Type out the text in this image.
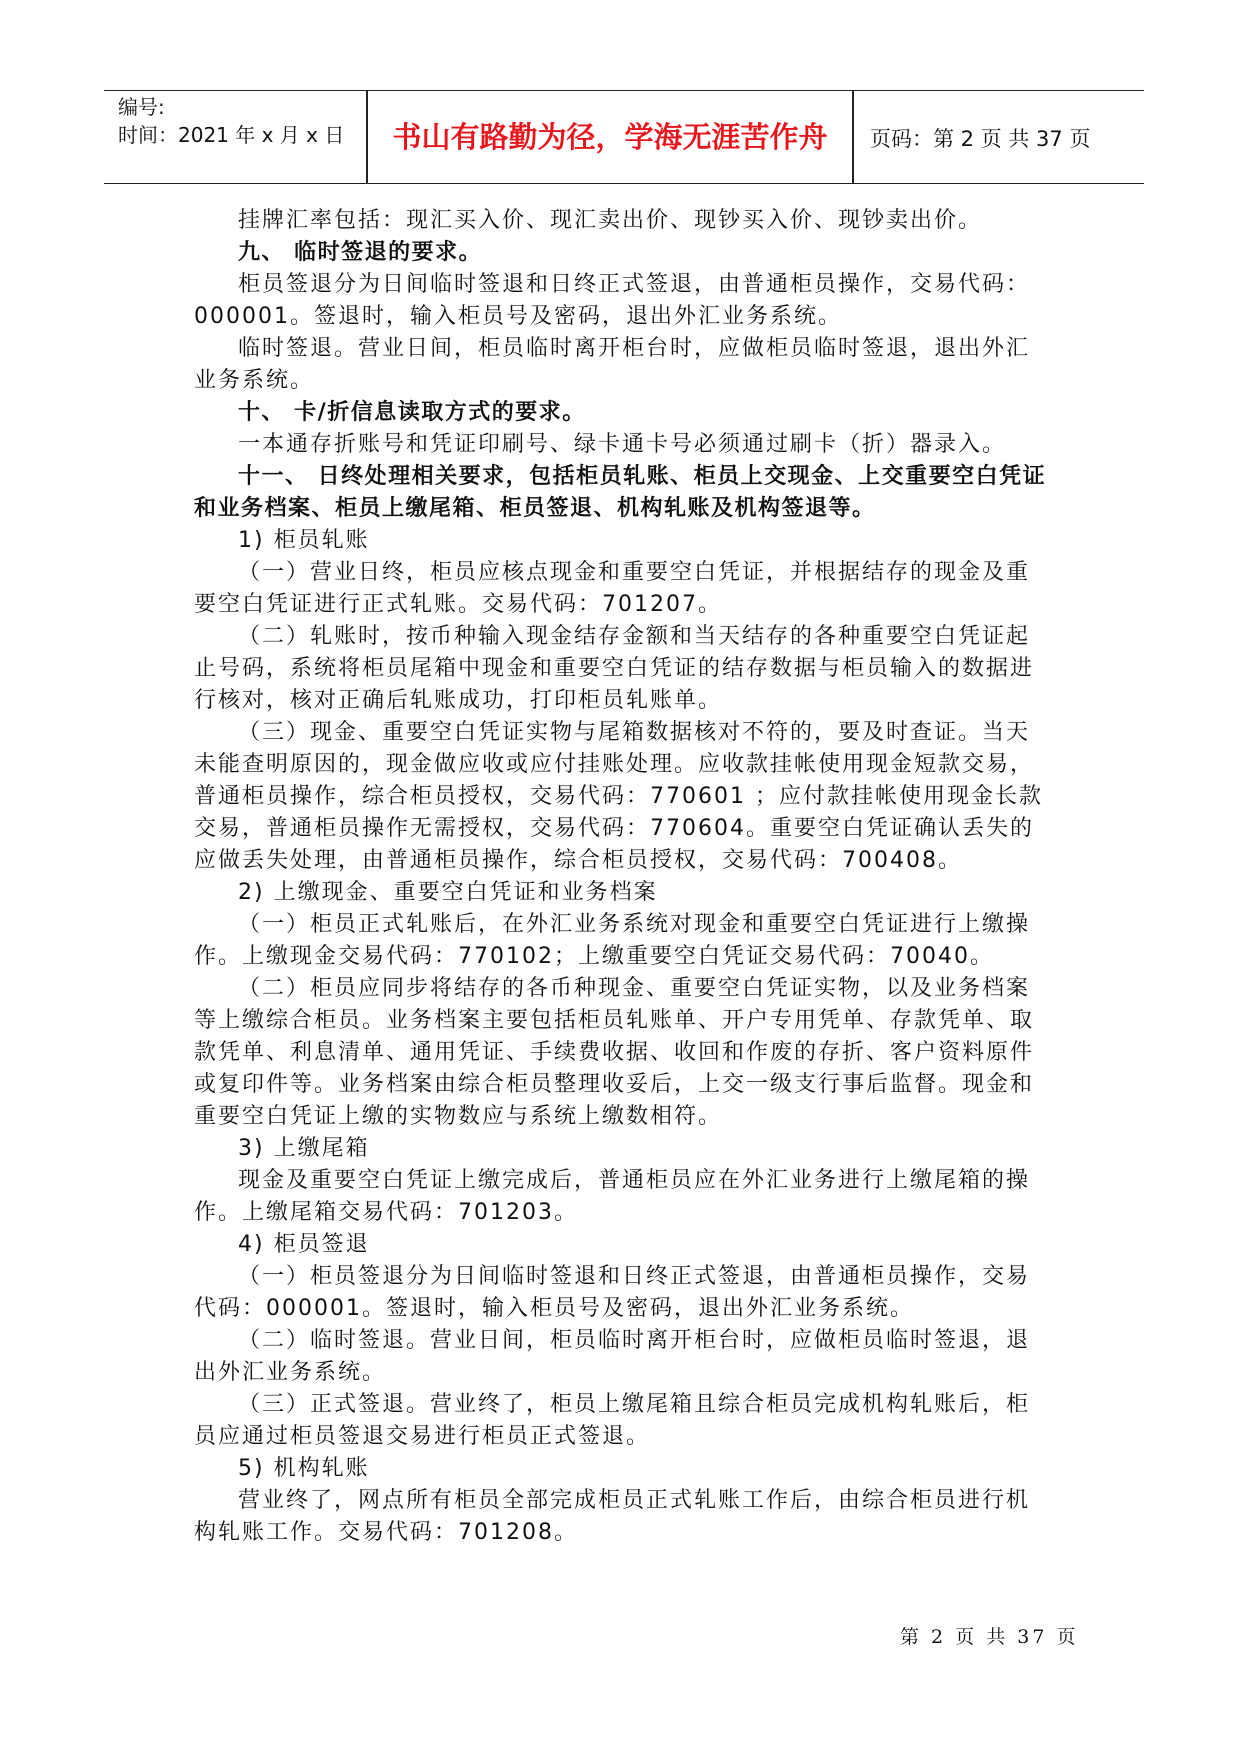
编号:
时间：2021 年 x 月 x 日	书山有路勤为径，学海无涯苦作舟	页码：第 2 页 共 37 页

挂牌汇率包括：现汇买入价、现汇卖出价、现钞买入价、现钞卖出价。

九、 临时签退的要求。

柜员签退分为日间临时签退和日终正式签退，由普通柜员操作，交易代码：000001。签退时，输入柜员号及密码，退出外汇业务系统。

临时签退。营业日间，柜员临时离开柜台时，应做柜员临时签退，退出外汇业务系统。

十、 卡/折信息读取方式的要求。

一本通存折账号和凭证印刷号、绿卡通卡号必须通过刷卡（折）器录入。

十一、 日终处理相关要求，包括柜员轧账、柜员上交现金、上交重要空白凭证和业务档案、柜员上缴尾箱、柜员签退、机构轧账及机构签退等。

1) 柜员轧账

（一）营业日终，柜员应核点现金和重要空白凭证，并根据结存的现金及重要空白凭证进行正式轧账。交易代码：701207。

（二）轧账时，按币种输入现金结存金额和当天结存的各种重要空白凭证起止号码，系统将柜员尾箱中现金和重要空白凭证的结存数据与柜员输入的数据进行核对，核对正确后轧账成功，打印柜员轧账单。

（三）现金、重要空白凭证实物与尾箱数据核对不符的，要及时查证。当天未能查明原因的，现金做应收或应付挂账处理。应收款挂帐使用现金短款交易，普通柜员操作，综合柜员授权，交易代码：770601 ；应付款挂帐使用现金长款交易，普通柜员操作无需授权，交易代码：770604。重要空白凭证确认丢失的应做丢失处理，由普通柜员操作，综合柜员授权，交易代码：700408。

2) 上缴现金、重要空白凭证和业务档案

（一）柜员正式轧账后，在外汇业务系统对现金和重要空白凭证进行上缴操作。上缴现金交易代码：770102；上缴重要空白凭证交易代码：70040。

（二）柜员应同步将结存的各币种现金、重要空白凭证实物，以及业务档案等上缴综合柜员。业务档案主要包括柜员轧账单、开户专用凭单、存款凭单、取款凭单、利息清单、通用凭证、手续费收据、收回和作废的存折、客户资料原件或复印件等。业务档案由综合柜员整理收妥后，上交一级支行事后监督。现金和重要空白凭证上缴的实物数应与系统上缴数相符。

3) 上缴尾箱

现金及重要空白凭证上缴完成后，普通柜员应在外汇业务进行上缴尾箱的操作。上缴尾箱交易代码：701203。

4) 柜员签退

（一）柜员签退分为日间临时签退和日终正式签退，由普通柜员操作，交易代码：000001。签退时，输入柜员号及密码，退出外汇业务系统。

（二）临时签退。营业日间，柜员临时离开柜台时，应做柜员临时签退，退出外汇业务系统。

（三）正式签退。营业终了，柜员上缴尾箱且综合柜员完成机构轧账后，柜员应通过柜员签退交易进行柜员正式签退。

5) 机构轧账

营业终了，网点所有柜员全部完成柜员正式轧账工作后，由综合柜员进行机构轧账工作。交易代码：701208。

第 2 页 共 37 页
